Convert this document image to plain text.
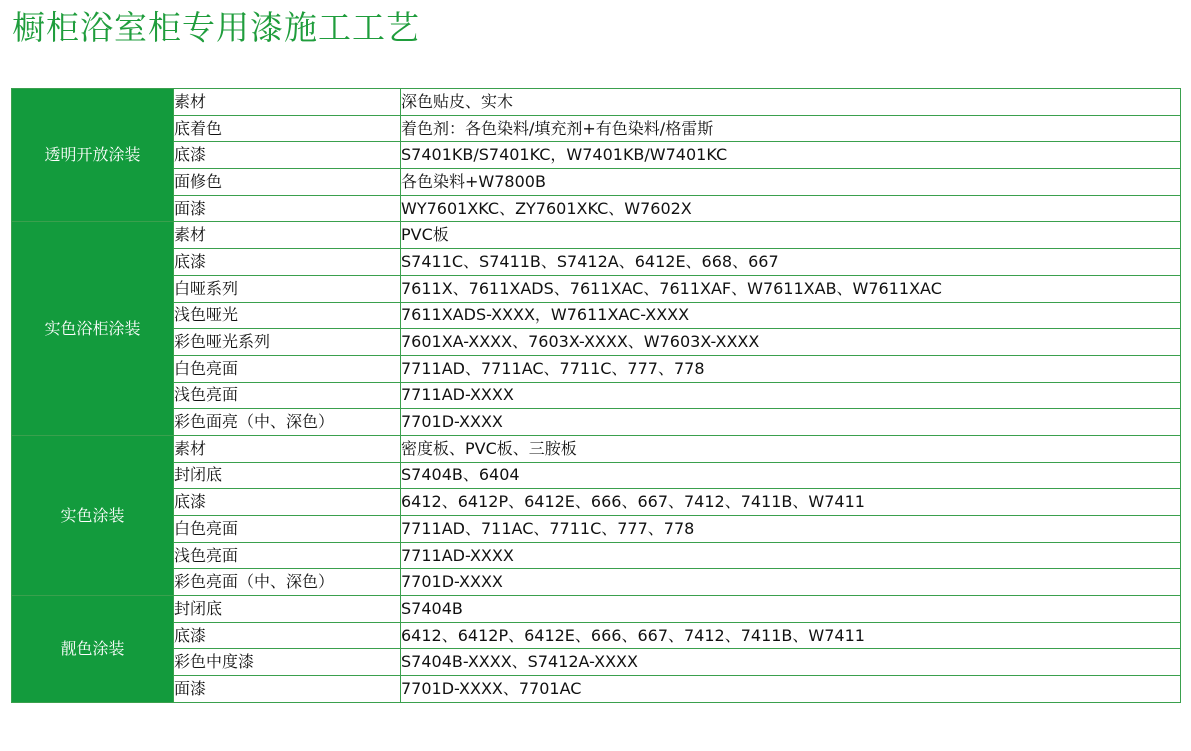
橱柜浴室柜专用漆施工工艺
透明开放涂装	素材	深色贴皮、实木
	底着色	着色剂：各色染料/填充剂+有色染料/格雷斯
	底漆	S7401KB/S7401KC，W7401KB/W7401KC
	面修色	各色染料+W7800B
	面漆	WY7601XKC、ZY7601XKC、W7602X
实色浴柜涂装	素材	PVC板
	底漆	S7411C、S7411B、S7412A、6412E、668、667
	白哑系列	7611X、7611XADS、7611XAC、7611XAF、W7611XAB、W7611XAC
	浅色哑光	7611XADS-XXXX，W7611XAC-XXXX
	彩色哑光系列	7601XA-XXXX、7603X-XXXX、W7603X-XXXX
	白色亮面	7711AD、7711AC、7711C、777、778
	浅色亮面	7711AD-XXXX
	彩色面亮（中、深色）	7701D-XXXX
实色涂装	素材	密度板、PVC板、三胺板
	封闭底	S7404B、6404
	底漆	6412、6412P、6412E、666、667、7412、7411B、W7411
	白色亮面	7711AD、711AC、7711C、777、778
	浅色亮面	7711AD-XXXX
	彩色亮面（中、深色）	7701D-XXXX
靓色涂装	封闭底	S7404B
	底漆	6412、6412P、6412E、666、667、7412、7411B、W7411
	彩色中度漆	S7404B-XXXX、S7412A-XXXX
	面漆	7701D-XXXX、7701AC
